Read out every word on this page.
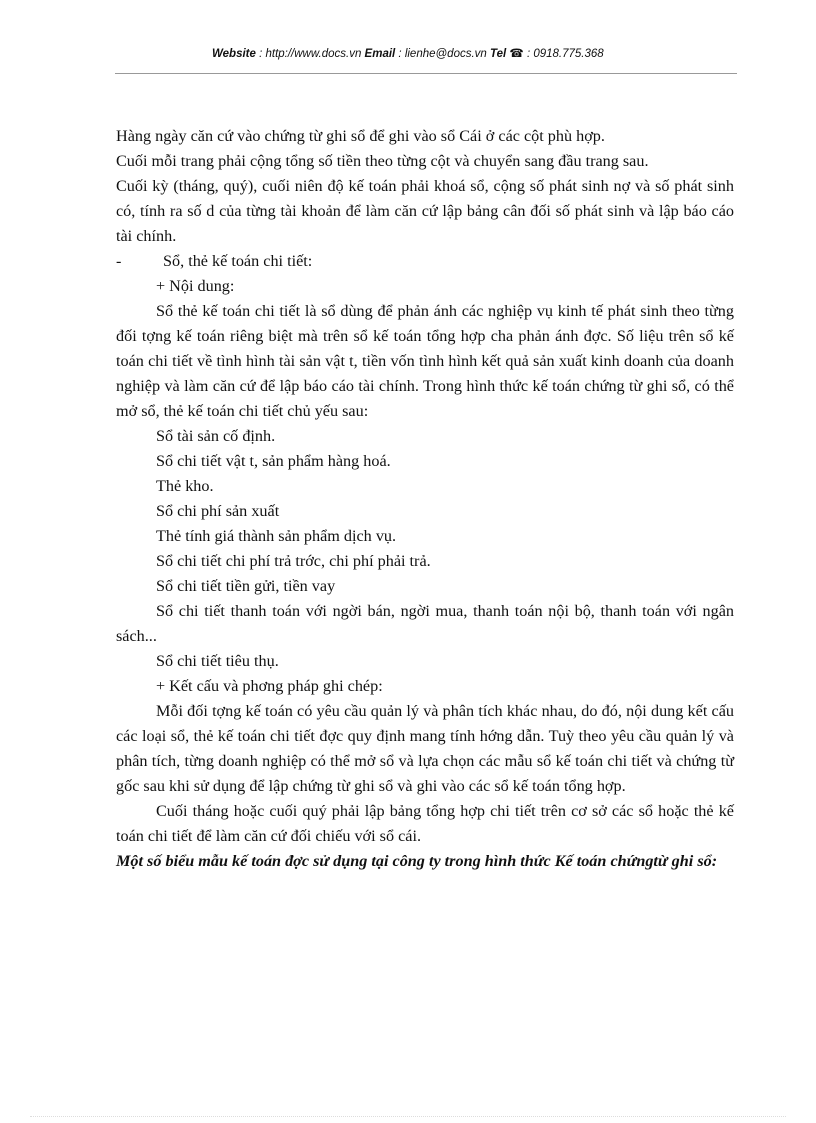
Website : http://www.docs.vn Email : lienhe@docs.vn Tel ☎ : 0918.775.368

Hàng ngày căn cứ vào chứng từ ghi sổ để ghi vào sổ Cái ở các cột phù hợp.

Cuối mỗi trang phải cộng tổng số tiền theo từng cột và chuyển sang đầu trang sau.

Cuối kỳ (tháng, quý), cuối niên độ kế toán phải khoá sổ, cộng số phát sinh nợ và số phát sinh có, tính ra số d của từng tài khoản để làm căn cứ lập bảng cân đối số phát sinh và lập báo cáo tài chính.

-	Sổ, thẻ kế toán chi tiết:

+ Nội dung:

Sổ thẻ kế toán chi tiết là sổ dùng để phản ánh các nghiệp vụ kinh tế phát sinh theo từng đối tợng kế toán riêng biệt mà trên sổ kế toán tổng hợp cha phản ánh đợc. Số liệu trên sổ kế toán chi tiết về tình hình tài sản vật t, tiền vốn tình hình kết quả sản xuất kinh doanh của doanh nghiệp và làm căn cứ để lập báo cáo tài chính. Trong hình thức kế toán chứng từ ghi sổ, có thể mở sổ, thẻ kế toán chi tiết chủ yếu sau:

Sổ tài sản cố định.

Sổ chi tiết vật t, sản phẩm hàng hoá.

Thẻ kho.

Sổ chi phí sản xuất

Thẻ tính giá thành sản phẩm dịch vụ.

Sổ chi tiết chi phí trả trớc, chi phí phải trả.

Sổ chi tiết tiền gửi, tiền vay

Sổ chi tiết thanh toán với ngời bán, ngời mua, thanh toán nội bộ, thanh toán với ngân sách...

Sổ chi tiết tiêu thụ.

+ Kết cấu và phơng pháp ghi chép:

Mỗi đối tợng kế toán có yêu cầu quản lý và phân tích khác nhau, do đó, nội dung kết cấu các loại sổ, thẻ kế toán chi tiết đợc quy định mang tính hớng dẫn. Tuỳ theo yêu cầu quản lý và phân tích, từng doanh nghiệp có thể mở sổ và lựa chọn các mẫu sổ kế toán chi tiết và chứng từ gốc sau khi sử dụng để lập chứng từ ghi sổ và ghi vào các sổ kế toán tổng hợp.

Cuối tháng hoặc cuối quý phải lập bảng tổng hợp chi tiết trên cơ sở các sổ hoặc thẻ kế toán chi tiết để làm căn cứ đối chiếu với sổ cái.

Một số biểu mẫu kế toán đợc sử dụng tại công ty trong hình thức Kế toán chứngtừ ghi sổ:
